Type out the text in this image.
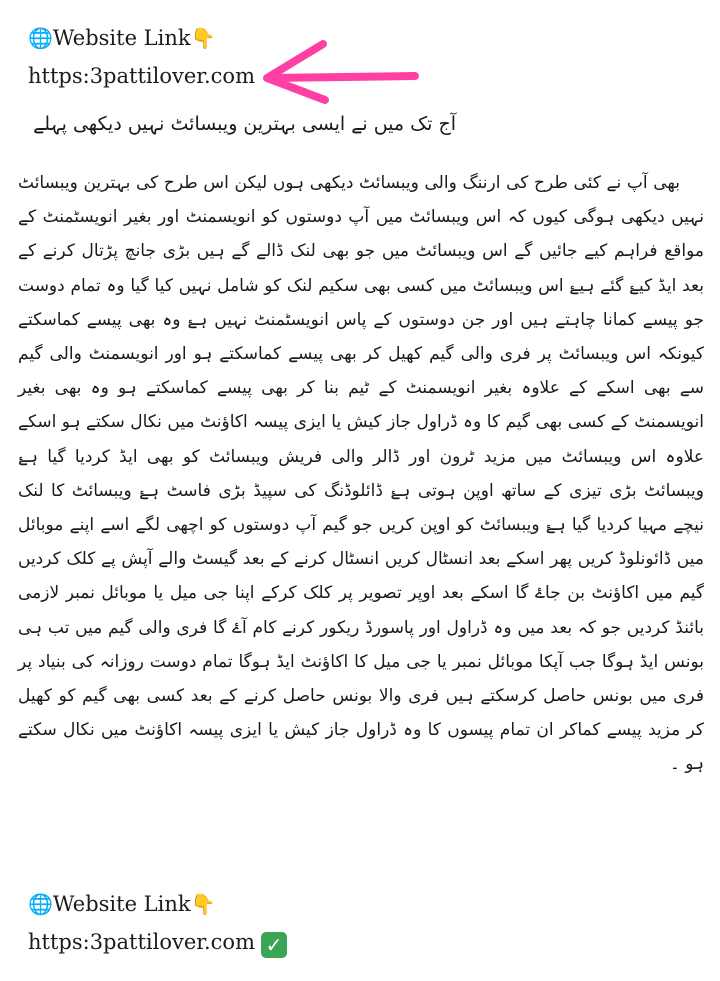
🌐Website Link👇
https:3pattilover.com
آج تک میں نے ایسی بہترین ویبسائٹ نہیں دیکھی پہلے
بھی آپ نے کئی طرح کی ارننگ والی ویبسائٹ دیکھی ہوں لیکن اس طرح کی بہترین ویبسائٹ نہیں دیکھی ہوگی کیوں کہ اس ویبسائٹ میں آپ دوستوں کو انویسمنٹ اور بغیر انویسٹمنٹ کے مواقع فراہم کیے جائیں گے اس ویبسائٹ میں جو بھی لنک ڈالے گے ہیں بڑی جانچ پڑتال کرنے کے بعد ایڈ کیۓ گئے ہیۓ اس ویبسائٹ میں کسی بھی سکیم لنک کو شامل نہیں کیا گیا وہ تمام دوست جو پیسے کمانا چاہتے ہیں اور جن دوستوں کے پاس انویسٹمنٹ نہیں ہۓ وہ بھی پیسے کماسکتے کیونکہ اس ویبسائٹ پر فری والی گیم کھیل کر بھی پیسے کماسکتے ہو اور انویسمنٹ والی گیم سے بھی اسکے کے علاوہ بغیر انویسمنٹ کے ٹیم بنا کر بھی پیسے کماسکتے ہو وہ بھی بغیر انویسمنٹ کے کسی بھی گیم کا وہ ڈراول جاز کیش یا ایزی پیسہ اکاؤنٹ میں نکال سکتے ہو اسکے علاوہ اس ویبسائٹ میں مزید ٹرون اور ڈالر والی فریش ویبسائٹ کو بھی ایڈ کردیا گیا ہۓ ویبسائٹ بڑی تیزی کے ساتھ اوپن ہوتی ہۓ ڈائلوڈنگ کی سپیڈ بڑی فاسٹ ہۓ ویبسائٹ کا لنک نیچے مہیا کردیا گیا ہۓ ویبسائٹ کو اوپن کریں جو گیم آپ دوستوں کو اچھی لگے اسے اپنے موبائل میں ڈائونلوڈ کریں پھر اسکے بعد انسٹال کریں انسٹال کرنے کے بعد گیسٹ والے آپش پے کلک کردیں گیم میں اکاؤنٹ بن جاۓ گا اسکے بعد اوپر تصویر پر کلک کرکے اپنا جی میل یا موبائل نمبر لازمی بائنڈ کردیں جو کہ بعد میں وہ ڈراول اور پاسورڈ ریکور کرنے کام آۓ گا فری والی گیم میں تب ہی بونس ایڈ ہوگا جب آپکا موبائل نمبر یا جی میل کا اکاؤنٹ ایڈ ہوگا تمام دوست روزانہ کی بنیاد پر فری میں بونس حاصل کرسکتے ہیں فری والا بونس حاصل کرنے کے بعد کسی بھی گیم کو کھیل کر مزید پیسے کماکر ان تمام پیسوں کا وہ ڈراول جاز کیش یا ایزی پیسہ اکاؤنٹ میں نکال سکتے ہو ۔
🌐Website Link👇
https:3pattilover.com ✓
